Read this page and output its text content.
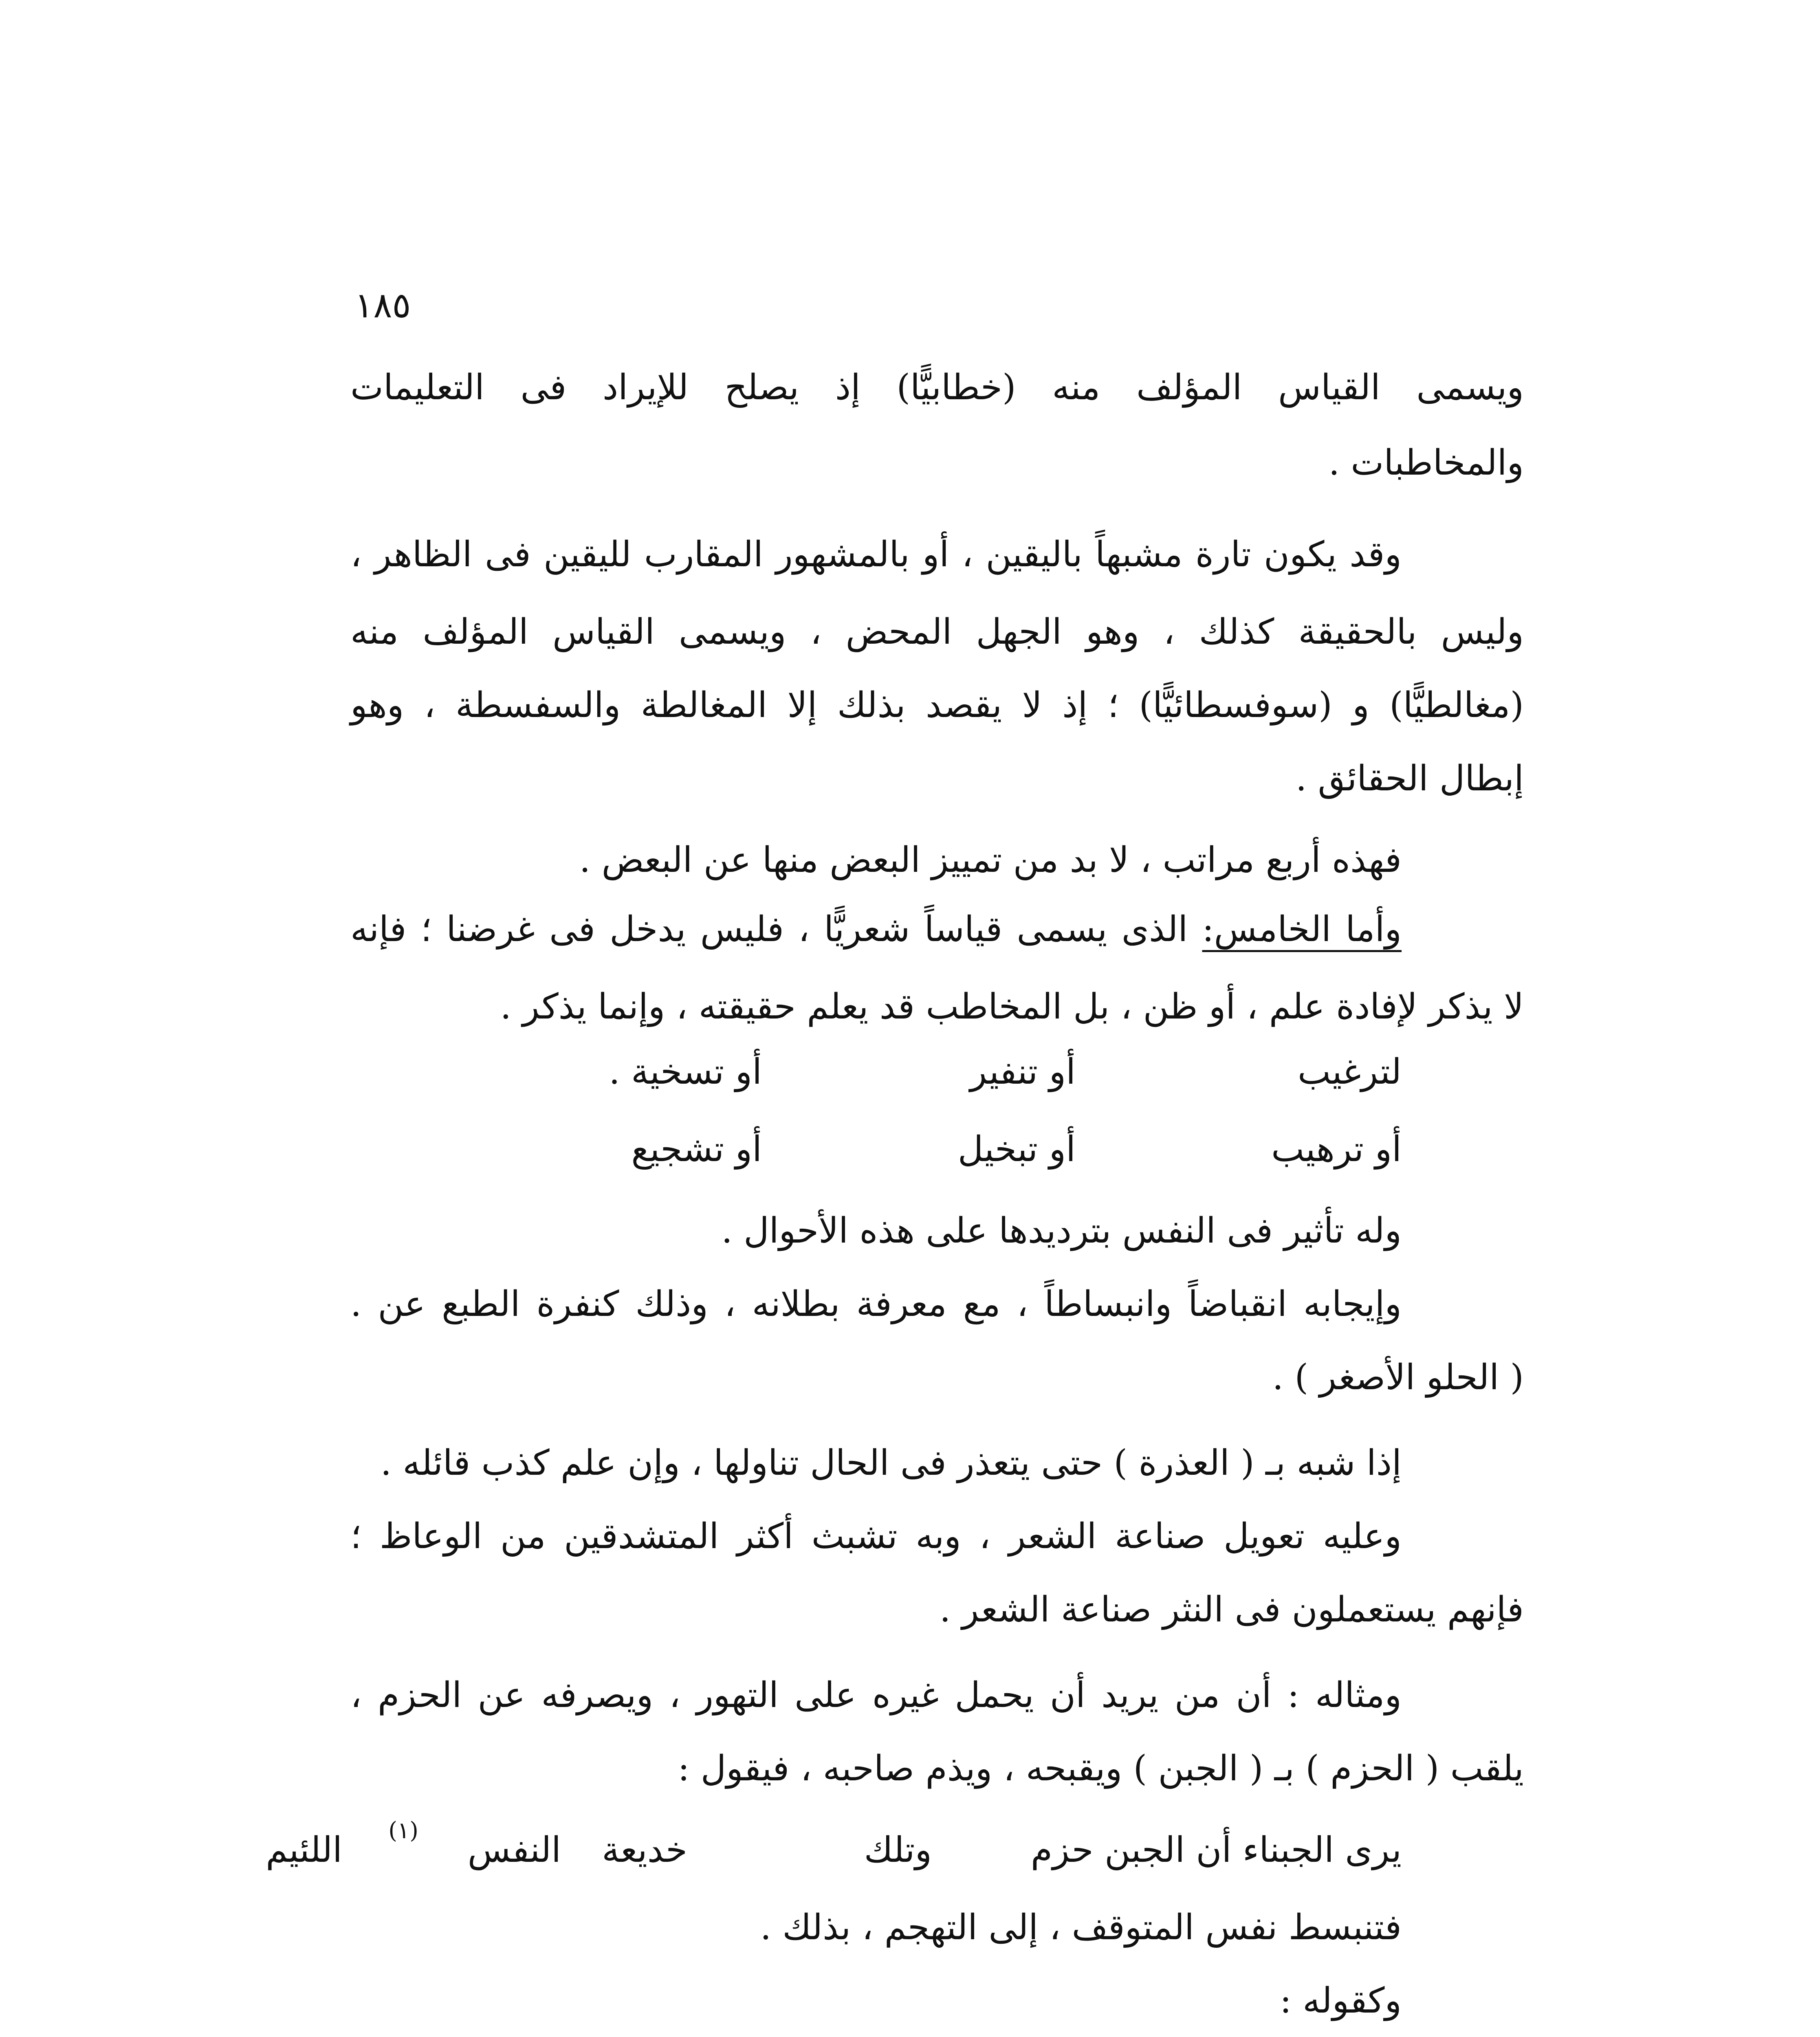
١٨٥
ويسمى القياس المؤلف منه (خطابيًّا) إذ يصلح للإيراد فى التعليمات
والمخاطبات .
وقد يكون تارة مشبهاً باليقين ، أو بالمشهور المقارب لليقين فى الظاهر ،
وليس بالحقيقة كذلك ، وهو الجهل المحض ، ويسمى القياس المؤلف منه
(مغالطيًّا) و (سوفسطائيًّا) ؛ إذ لا يقصد بذلك إلا المغالطة والسفسطة ، وهو
إبطال الحقائق .
فهذه أربع مراتب ، لا بد من تمييز البعض منها عن البعض .
وأما الخامس: الذى يسمى قياساً شعريًّا ، فليس يدخل فى غرضنا ؛ فإنه
لا يذكر لإفادة علم ، أو ظن ، بل المخاطب قد يعلم حقيقته ، وإنما يذكر .
لترغيب
أو تنفير
أو تسخية .
أو ترهيب
أو تبخيل
أو تشجيع
وله تأثير فى النفس بترديدها على هذه الأحوال .
وإيجابه انقباضاً وانبساطاً ، مع معرفة بطلانه ، وذلك كنفرة الطبع عن .
( الحلو الأصغر ) .
إذا شبه بـ ( العذرة ) حتى يتعذر فى الحال تناولها ، وإن علم كذب قائله .
وعليه تعويل صناعة الشعر ، وبه تشبث أكثر المتشدقين من الوعاظ ؛
فإنهم يستعملون فى النثر صناعة الشعر .
ومثاله : أن من يريد أن يحمل غيره على التهور ، ويصرفه عن الحزم ،
يلقب ( الحزم ) بـ ( الجبن ) ويقبحه ، ويذم صاحبه ، فيقول :
يرى الجبناء أن الجبن حزم
وتلك
خديعة
النفس
(١)
اللئيم
فتنبسط نفس المتوقف ، إلى التهجم ، بذلك .
وكقوله :
